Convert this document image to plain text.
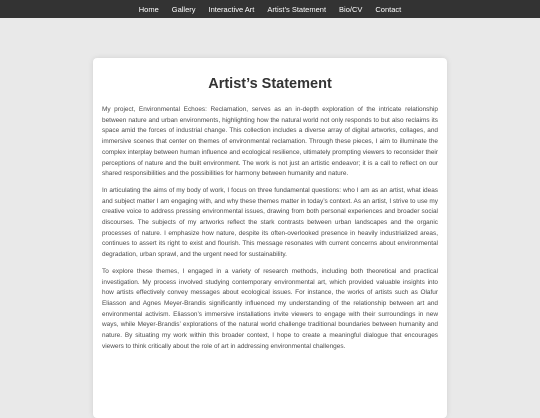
Home Gallery Interactive Art Artist’s Statement Bio/CV Contact
Artist’s Statement

My project, Environmental Echoes: Reclamation, serves as an in-depth exploration of the intricate relationship between nature and urban environments, highlighting how the natural world not only responds to but also reclaims its space amid the forces of industrial change. This collection includes a diverse array of digital artworks, collages, and immersive scenes that center on themes of environmental reclamation. Through these pieces, I aim to illuminate the complex interplay between human influence and ecological resilience, ultimately prompting viewers to reconsider their perceptions of nature and the built environment. The work is not just an artistic endeavor; it is a call to reflect on our shared responsibilities and the possibilities for harmony between humanity and nature.

In articulating the aims of my body of work, I focus on three fundamental questions: who I am as an artist, what ideas and subject matter I am engaging with, and why these themes matter in today’s context. As an artist, I strive to use my creative voice to address pressing environmental issues, drawing from both personal experiences and broader social discourses. The subjects of my artworks reflect the stark contrasts between urban landscapes and the organic processes of nature. I emphasize how nature, despite its often-overlooked presence in heavily industrialized areas, continues to assert its right to exist and flourish. This message resonates with current concerns about environmental degradation, urban sprawl, and the urgent need for sustainability.

To explore these themes, I engaged in a variety of research methods, including both theoretical and practical investigation. My process involved studying contemporary environmental art, which provided valuable insights into how artists effectively convey messages about ecological issues. For instance, the works of artists such as Olafur Eliasson and Agnes Meyer-Brandis significantly influenced my understanding of the relationship between art and environmental activism. Eliasson’s immersive installations invite viewers to engage with their surroundings in new ways, while Meyer-Brandis’ explorations of the natural world challenge traditional boundaries between humanity and nature. By situating my work within this broader context, I hope to create a meaningful dialogue that encourages viewers to think critically about the role of art in addressing environmental challenges.
